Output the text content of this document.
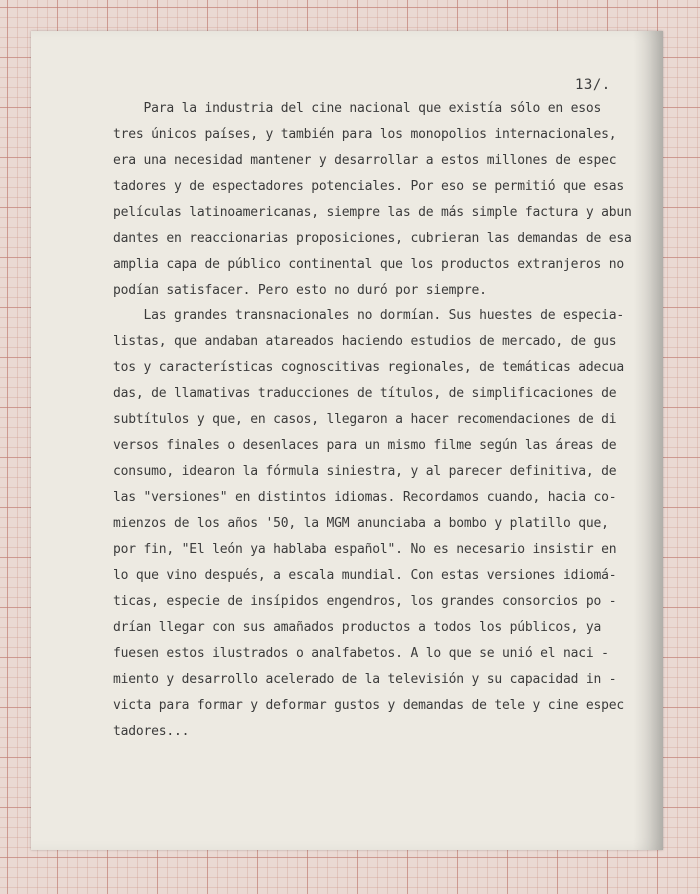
13/.

Para la industria del cine nacional que existía sólo en esos

tres únicos países, y también para los monopolios internacionales,

era una necesidad mantener y desarrollar a estos millones de espec

tadores y de espectadores potenciales. Por eso se permitió que esas

películas latinoamericanas, siempre las de más simple factura y abun

dantes en reaccionarias proposiciones, cubrieran las demandas de esa

amplia capa de público continental que los productos extranjeros no

podían satisfacer. Pero esto no duró por siempre.

Las grandes transnacionales no dormían. Sus huestes de especia-

listas, que andaban atareados haciendo estudios de mercado, de gus

tos y características cognoscitivas regionales, de temáticas adecua

das, de llamativas traducciones de títulos, de simplificaciones de

subtítulos y que, en casos, llegaron a hacer recomendaciones de di

versos finales o desenlaces para un mismo filme según las áreas de

consumo, idearon la fórmula siniestra, y al parecer definitiva, de

las "versiones" en distintos idiomas. Recordamos cuando, hacia co-

mienzos de los años '50, la MGM anunciaba a bombo y platillo que,

por fin, "El león ya hablaba español". No es necesario insistir en

lo que vino después, a escala mundial. Con estas versiones idiomá-

ticas, especie de insípidos engendros, los grandes consorcios po -

drían llegar con sus amañados productos a todos los públicos, ya

fuesen estos ilustrados o analfabetos. A lo que se unió el naci -

miento y desarrollo acelerado de la televisión y su capacidad in -

victa para formar y deformar gustos y demandas de tele y cine espec

tadores...
